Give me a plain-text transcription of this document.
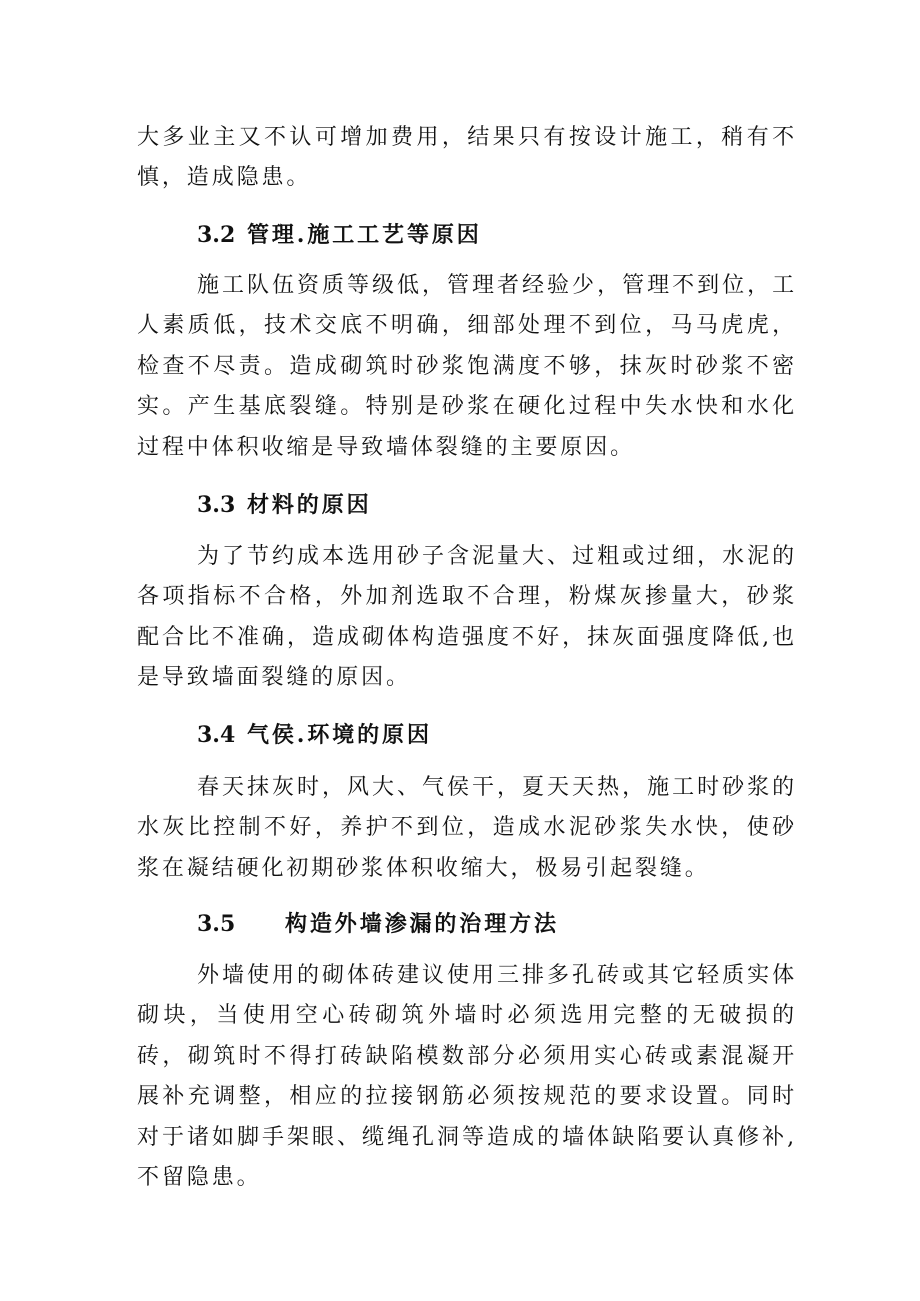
大多业主又不认可增加费用，结果只有按设计施工，稍有不慎，造成隐患。

3.2 管理.施工工艺等原因

施工队伍资质等级低，管理者经验少，管理不到位，工人素质低，技术交底不明确，细部处理不到位，马马虎虎，检查不尽责。造成砌筑时砂浆饱满度不够，抹灰时砂浆不密实。产生基底裂缝。特别是砂浆在硬化过程中失水快和水化过程中体积收缩是导致墙体裂缝的主要原因。

3.3 材料的原因

为了节约成本选用砂子含泥量大、过粗或过细，水泥的各项指标不合格，外加剂选取不合理，粉煤灰掺量大，砂浆配合比不准确，造成砌体构造强度不好，抹灰面强度降低,也是导致墙面裂缝的原因。

3.4 气侯.环境的原因

春天抹灰时，风大、气侯干，夏天天热，施工时砂浆的水灰比控制不好，养护不到位，造成水泥砂浆失水快，使砂浆在凝结硬化初期砂浆体积收缩大，极易引起裂缝。

3.5 构造外墙渗漏的治理方法

外墙使用的砌体砖建议使用三排多孔砖或其它轻质实体砌块，当使用空心砖砌筑外墙时必须选用完整的无破损的砖，砌筑时不得打砖缺陷模数部分必须用实心砖或素混凝开展补充调整，相应的拉接钢筋必须按规范的要求设置。同时对于诸如脚手架眼、缆绳孔洞等造成的墙体缺陷要认真修补,不留隐患。
